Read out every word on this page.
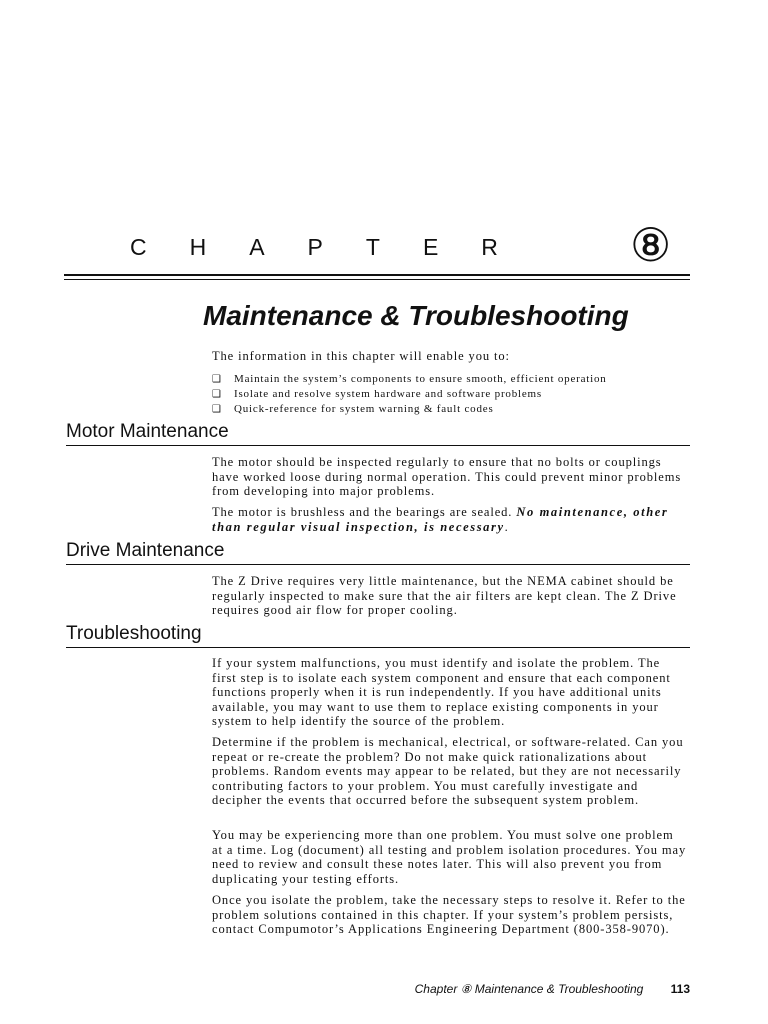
CHAPTER ⑧
Maintenance & Troubleshooting
The information in this chapter will enable you to:
❑ Maintain the system’s components to ensure smooth, efficient operation
❑ Isolate and resolve system hardware and software problems
❑ Quick-reference for system warning & fault codes
Motor Maintenance

The motor should be inspected regularly to ensure that no bolts or couplings have worked loose during normal operation. This could prevent minor problems from developing into major problems.

The motor is brushless and the bearings are sealed. No maintenance, other than regular visual inspection, is necessary.

Drive Maintenance

The Z Drive requires very little maintenance, but the NEMA cabinet should be regularly inspected to make sure that the air filters are kept clean. The Z Drive requires good air flow for proper cooling.

Troubleshooting

If your system malfunctions, you must identify and isolate the problem. The first step is to isolate each system component and ensure that each component functions properly when it is run independently. If you have additional units available, you may want to use them to replace existing components in your system to help identify the source of the problem.

Determine if the problem is mechanical, electrical, or software-related. Can you repeat or re-create the problem? Do not make quick rationalizations about problems. Random events may appear to be related, but they are not necessarily contributing factors to your problem. You must carefully investigate and decipher the events that occurred before the subsequent system problem.

You may be experiencing more than one problem. You must solve one problem at a time. Log (document) all testing and problem isolation procedures. You may need to review and consult these notes later. This will also prevent you from duplicating your testing efforts.

Once you isolate the problem, take the necessary steps to resolve it. Refer to the problem solutions contained in this chapter. If your system’s problem persists, contact Compumotor’s Applications Engineering Department (800-358-9070).

Chapter ⑧ Maintenance & Troubleshooting 113
